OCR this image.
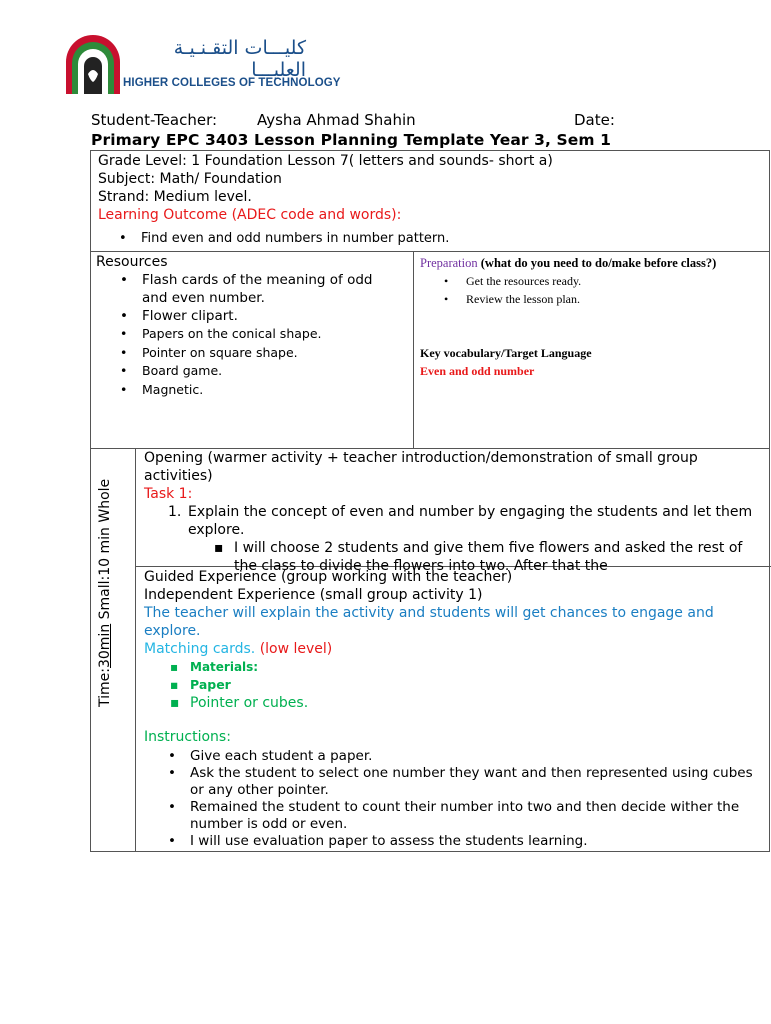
كليـــات التقـنـيـة العليـــا
HIGHER COLLEGES OF TECHNOLOGY
Student-Teacher:	Aysha Ahmad Shahin	Date:
Primary EPC 3403 Lesson Planning Template Year 3, Sem 1
Grade Level: 1 Foundation Lesson 7( letters and sounds- short a)
Subject: Math/ Foundation
Strand: Medium level.
Learning Outcome (ADEC code and words):
• Find even and odd numbers in number pattern.
Resources
• Flash cards of the meaning of odd and even number.
• Flower clipart.
• Papers on the conical shape.
• Pointer on square shape.
• Board game.
• Magnetic.
Preparation (what do you need to do/make before class?)
• Get the resources ready.
• Review the lesson plan.
Key vocabulary/Target Language
Even and odd number
Opening (warmer activity + teacher introduction/demonstration of small group activities)
Task 1:
1. Explain the concept of even and number by engaging the students and let them explore.
▪ I will choose 2 students and give them five flowers and asked the rest of the class to divide the flowers into two. After that the
Guided Experience (group working with the teacher)
Independent Experience (small group activity 1)
The teacher will explain the activity and students will get chances to engage and explore.
Matching cards. (low level)
▪ Materials:
▪ Paper
▪ Pointer or cubes.
Instructions:
• Give each student a paper.
• Ask the student to select one number they want and then represented using cubes or any other pointer.
• Remained the student to count their number into two and then decide wither the number is odd or even.
• I will use evaluation paper to assess the students learning.
Time:30min Small:10 min Whole
